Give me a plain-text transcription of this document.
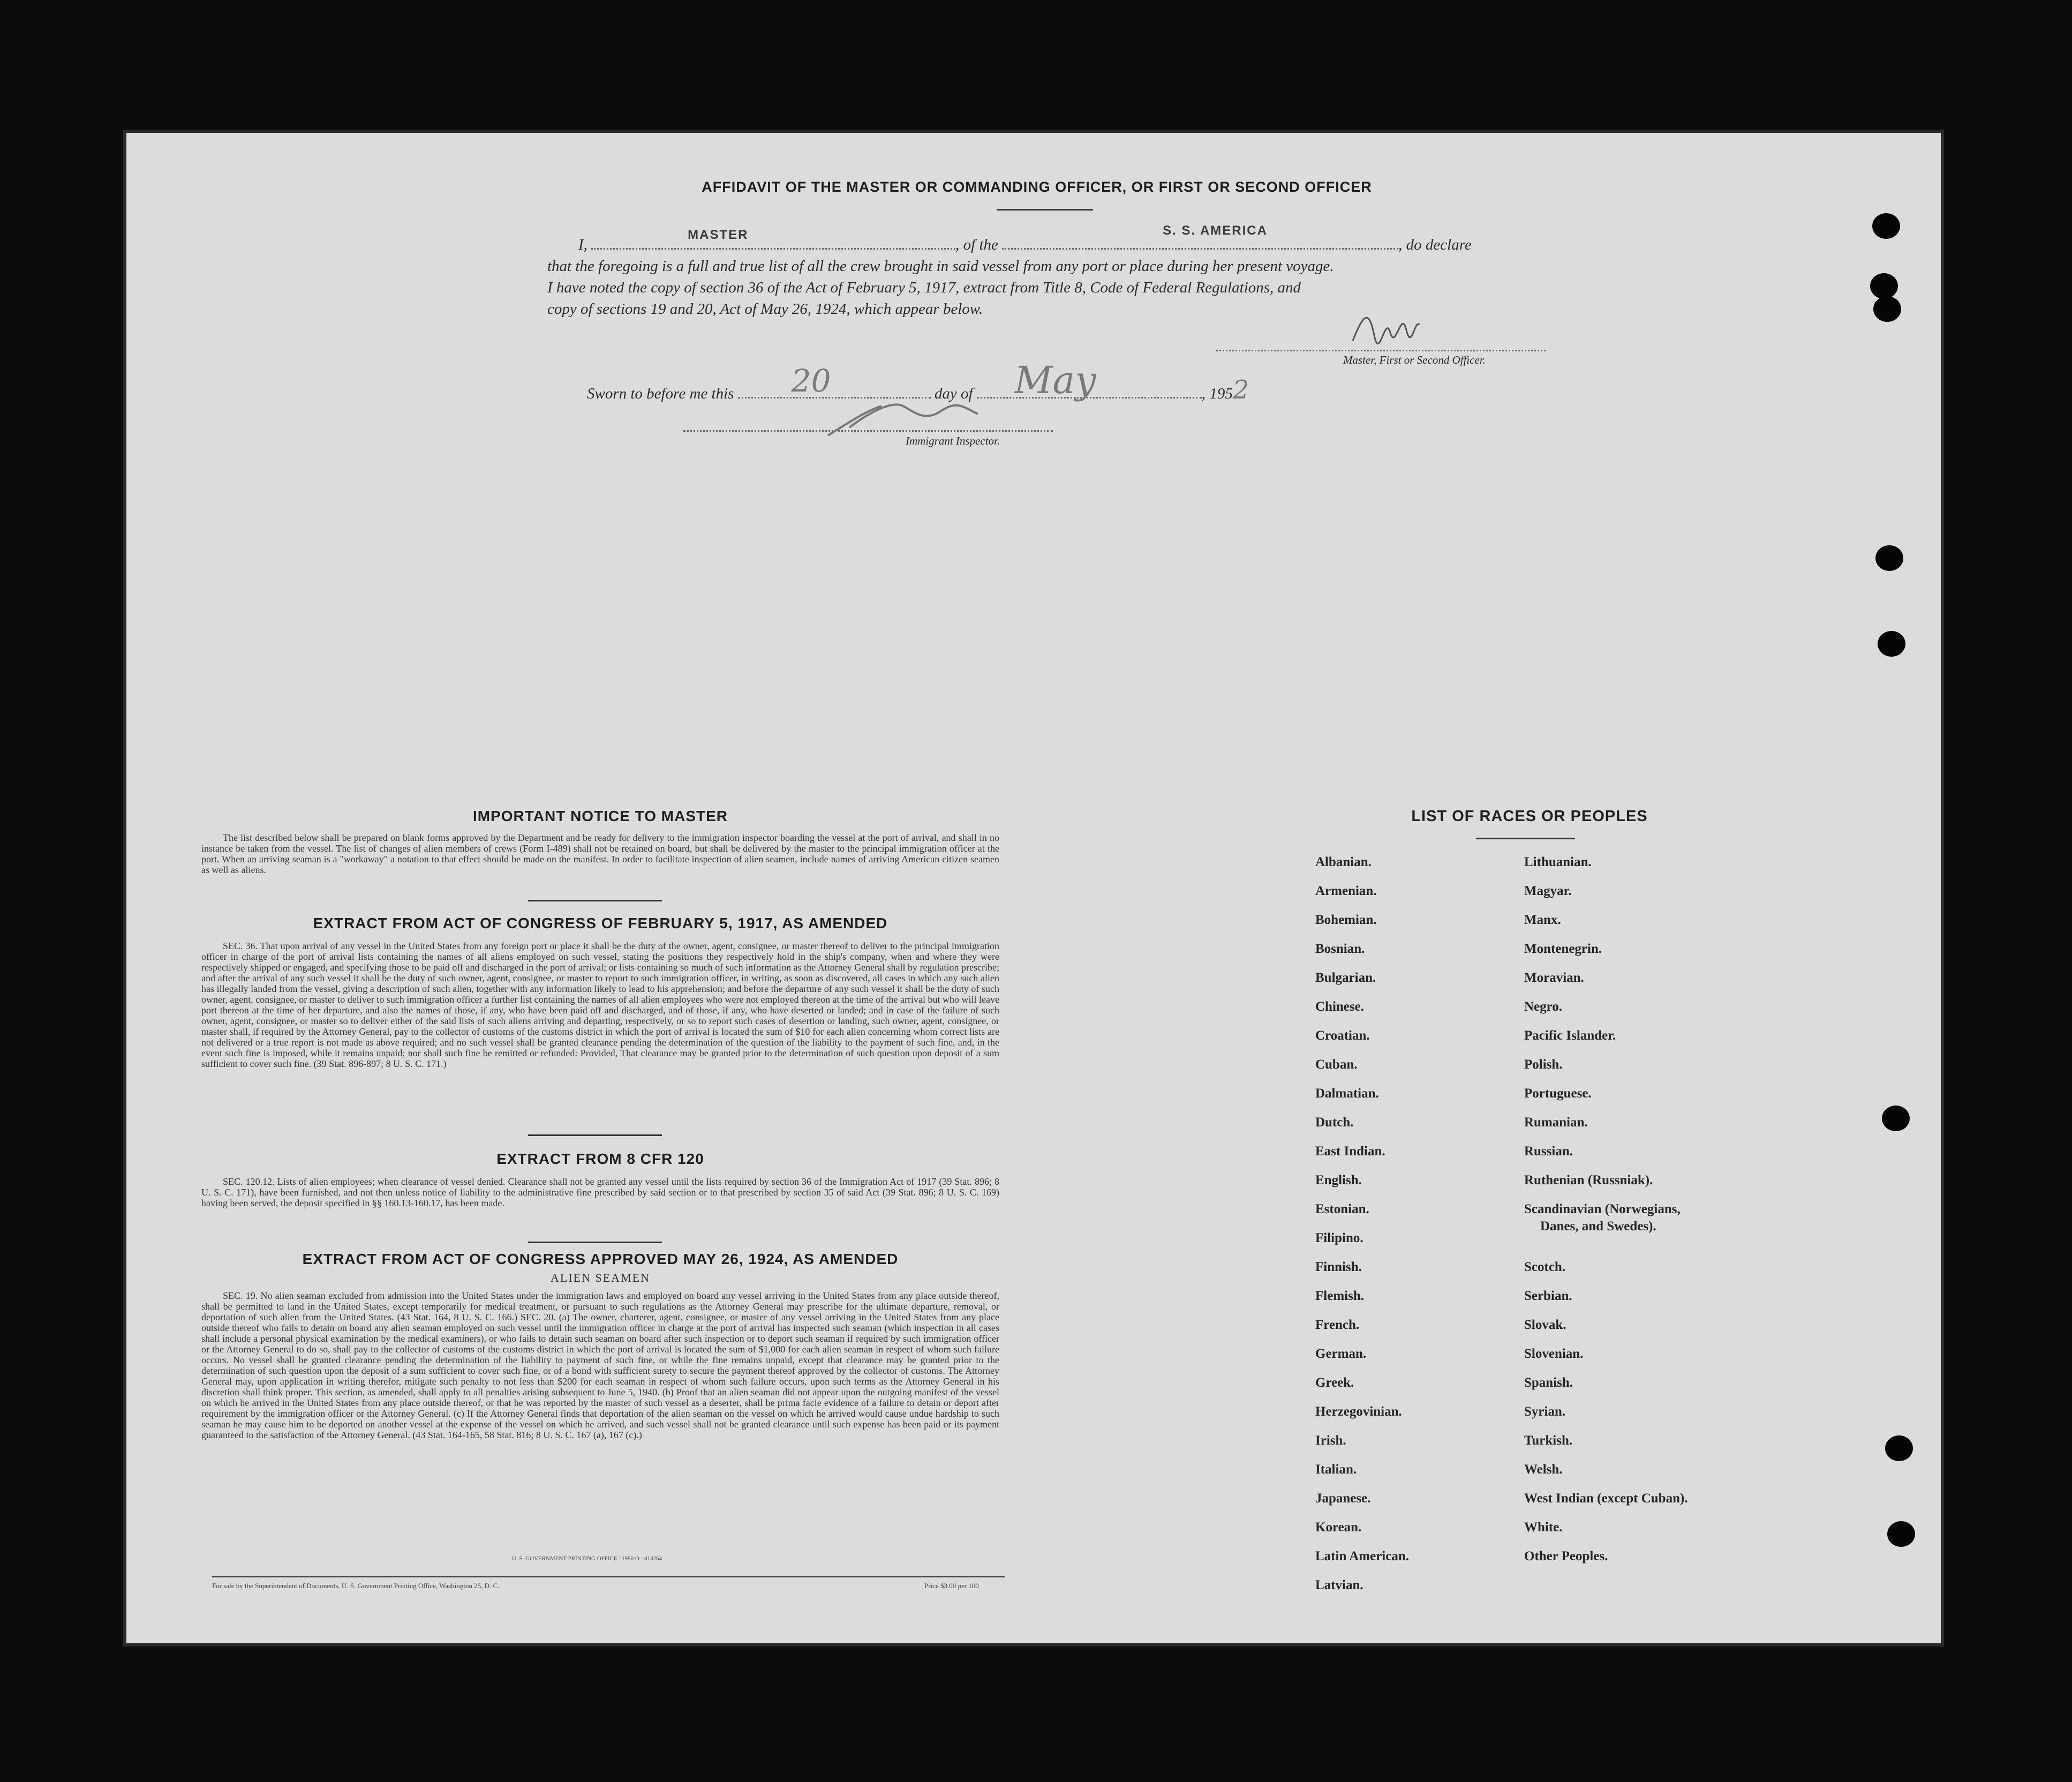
AFFIDAVIT OF THE MASTER OR COMMANDING OFFICER, OR FIRST OR SECOND OFFICER
I,
MASTER
, of the
S. S. AMERICA
, do declare
that the foregoing is a full and true list of all the crew brought in said vessel from any port or place during her present voyage.
I have noted the copy of section 36 of the Act of February 5, 1917, extract from Title 8, Code of Federal Regulations, and
copy of sections 19 and 20, Act of May 26, 1924, which appear below.
Master, First or Second Officer.
Sworn to before me this 20	day of May	, 1952
Immigrant Inspector.
IMPORTANT NOTICE TO MASTER
The list described below shall be prepared on blank forms approved by the Department and be ready for delivery to the immigration inspector boarding the vessel at the port of arrival, and shall in no instance be taken from the vessel. The list of changes of alien members of crews (Form I-489) shall not be retained on board, but shall be delivered by the master to the principal immigration officer at the port. When an arriving seaman is a "workaway" a notation to that effect should be made on the manifest. In order to facilitate inspection of alien seamen, include names of arriving American citizen seamen as well as aliens.
EXTRACT FROM ACT OF CONGRESS OF FEBRUARY 5, 1917, AS AMENDED
SEC. 36. That upon arrival of any vessel in the United States from any foreign port or place it shall be the duty of the owner, agent, consignee, or master thereof to deliver to the principal immigration officer in charge of the port of arrival lists containing the names of all aliens employed on such vessel, stating the positions they respectively hold in the ship's company, when and where they were respectively shipped or engaged, and specifying those to be paid off and discharged in the port of arrival; or lists containing so much of such information as the Attorney General shall by regulation prescribe; and after the arrival of any such vessel it shall be the duty of such owner, agent, consignee, or master to report to such immigration officer, in writing, as soon as discovered, all cases in which any such alien has illegally landed from the vessel, giving a description of such alien, together with any information likely to lead to his apprehension; and before the departure of any such vessel it shall be the duty of such owner, agent, consignee, or master to deliver to such immigration officer a further list containing the names of all alien employees who were not employed thereon at the time of the arrival but who will leave port thereon at the time of her departure, and also the names of those, if any, who have been paid off and discharged, and of those, if any, who have deserted or landed; and in case of the failure of such owner, agent, consignee, or master so to deliver either of the said lists of such aliens arriving and departing, respectively, or so to report such cases of desertion or landing, such owner, agent, consignee, or master shall, if required by the Attorney General, pay to the collector of customs of the customs district in which the port of arrival is located the sum of $10 for each alien concerning whom correct lists are not delivered or a true report is not made as above required; and no such vessel shall be granted clearance pending the determination of the question of the liability to the payment of such fine, and, in the event such fine is imposed, while it remains unpaid; nor shall such fine be remitted or refunded: Provided, That clearance may be granted prior to the determination of such question upon deposit of a sum sufficient to cover such fine. (39 Stat. 896-897; 8 U. S. C. 171.)
EXTRACT FROM 8 CFR 120
SEC. 120.12. Lists of alien employees; when clearance of vessel denied. Clearance shall not be granted any vessel until the lists required by section 36 of the Immigration Act of 1917 (39 Stat. 896; 8 U. S. C. 171), have been furnished, and not then unless notice of liability to the administrative fine prescribed by said section or to that prescribed by section 35 of said Act (39 Stat. 896; 8 U. S. C. 169) having been served, the deposit specified in §§ 160.13-160.17, has been made.
EXTRACT FROM ACT OF CONGRESS APPROVED MAY 26, 1924, AS AMENDED
ALIEN SEAMEN
SEC. 19. No alien seaman excluded from admission into the United States under the immigration laws and employed on board any vessel arriving in the United States from any place outside thereof, shall be permitted to land in the United States, except temporarily for medical treatment, or pursuant to such regulations as the Attorney General may prescribe for the ultimate departure, removal, or deportation of such alien from the United States. (43 Stat. 164, 8 U. S. C. 166.) SEC. 20. (a) The owner, charterer, agent, consignee, or master of any vessel arriving in the United States from any place outside thereof who fails to detain on board any alien seaman employed on such vessel until the immigration officer in charge at the port of arrival has inspected such seaman (which inspection in all cases shall include a personal physical examination by the medical examiners), or who fails to detain such seaman on board after such inspection or to deport such seaman if required by such immigration officer or the Attorney General to do so, shall pay to the collector of customs of the customs district in which the port of arrival is located the sum of $1,000 for each alien seaman in respect of whom such failure occurs. No vessel shall be granted clearance pending the determination of the liability to payment of such fine, or while the fine remains unpaid, except that clearance may be granted prior to the determination of such question upon the deposit of a sum sufficient to cover such fine, or of a bond with sufficient surety to secure the payment thereof approved by the collector of customs. The Attorney General may, upon application in writing therefor, mitigate such penalty to not less than $200 for each seaman in respect of whom such failure occurs, upon such terms as the Attorney General in his discretion shall think proper. This section, as amended, shall apply to all penalties arising subsequent to June 5, 1940. (b) Proof that an alien seaman did not appear upon the outgoing manifest of the vessel on which he arrived in the United States from any place outside thereof, or that he was reported by the master of such vessel as a deserter, shall be prima facie evidence of a failure to detain or deport after requirement by the immigration officer or the Attorney General. (c) If the Attorney General finds that deportation of the alien seaman on the vessel on which he arrived would cause undue hardship to such seaman he may cause him to be deported on another vessel at the expense of the vessel on which he arrived, and such vessel shall not be granted clearance until such expense has been paid or its payment guaranteed to the satisfaction of the Attorney General. (43 Stat. 164-165, 58 Stat. 816; 8 U. S. C. 167 (a), 167 (c).)
U. S. GOVERNMENT PRINTING OFFICE : 1950 O - 813264
For sale by the Superintendent of Documents, U. S. Government Printing Office, Washington 25, D. C.	Price $3.00 per 100
LIST OF RACES OR PEOPLES
Albanian.
Armenian.
Bohemian.
Bosnian.
Bulgarian.
Chinese.
Croatian.
Cuban.
Dalmatian.
Dutch.
East Indian.
English.
Estonian.
Filipino.
Finnish.
Flemish.
French.
German.
Greek.
Herzegovinian.
Irish.
Italian.
Japanese.
Korean.
Latin American.
Latvian.
Lithuanian.
Magyar.
Manx.
Montenegrin.
Moravian.
Negro.
Pacific Islander.
Polish.
Portuguese.
Rumanian.
Russian.
Ruthenian (Russniak).
Scandinavian (Norwegians,
Danes, and Swedes).
Scotch.
Serbian.
Slovak.
Slovenian.
Spanish.
Syrian.
Turkish.
Welsh.
West Indian (except Cuban).
White.
Other Peoples.
